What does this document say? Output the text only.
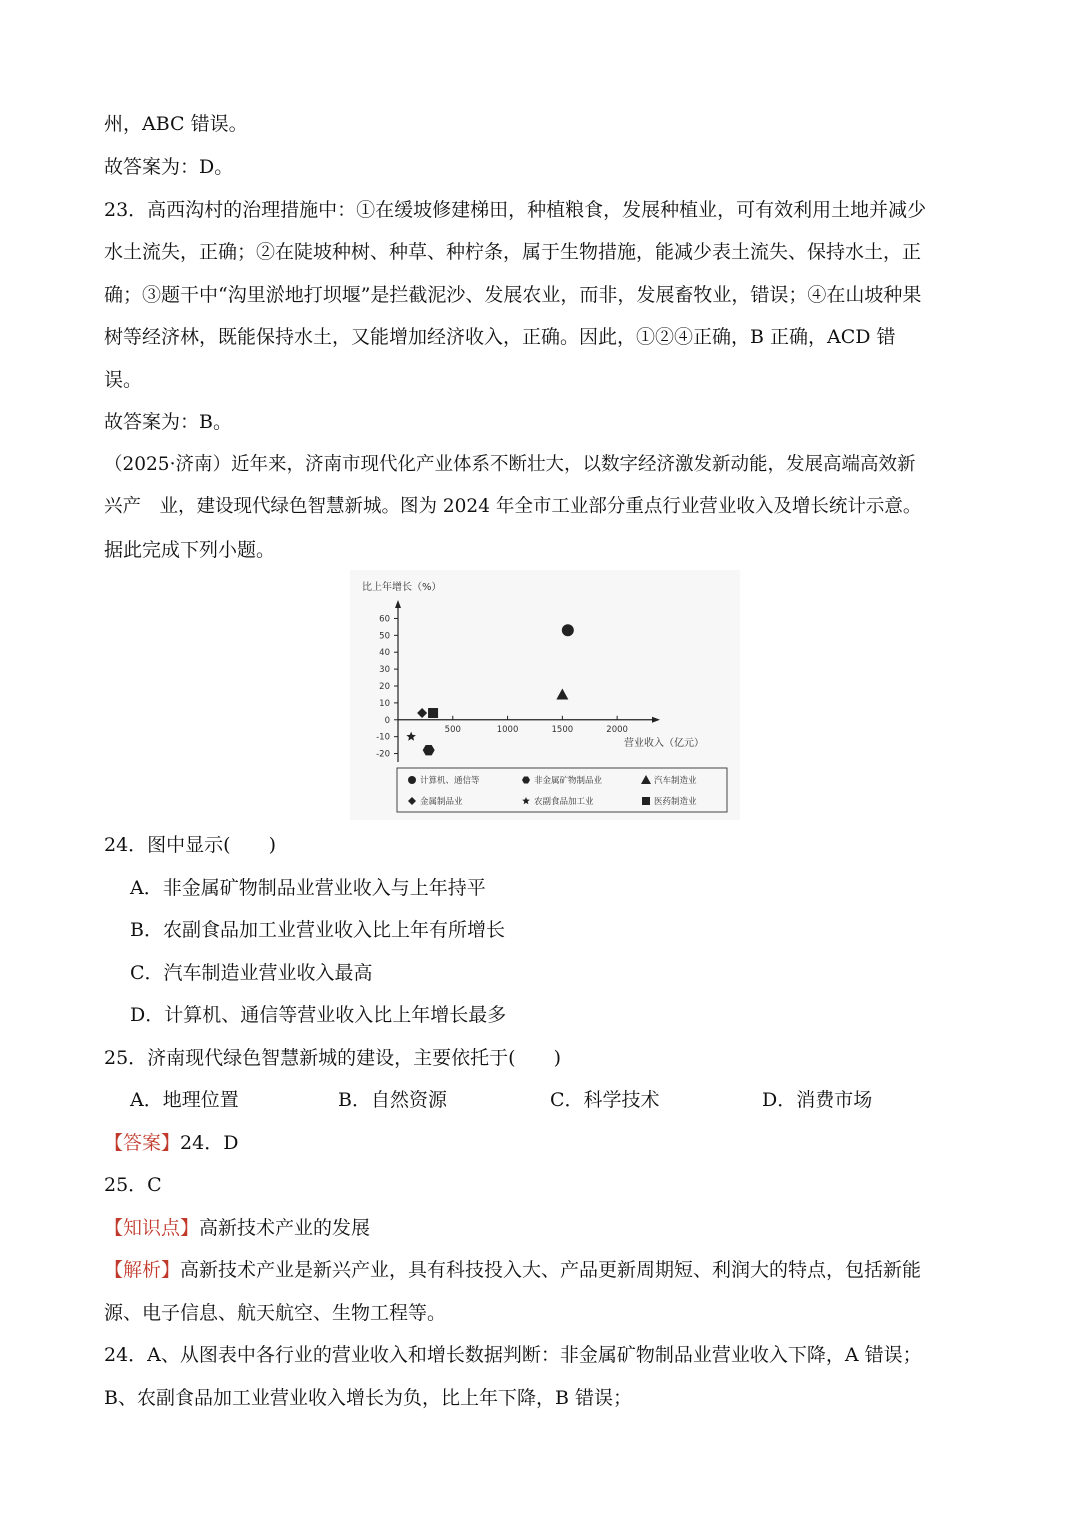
州，ABC 错误。
故答案为：D。
23．高西沟村的治理措施中：①在缓坡修建梯田，种植粮食，发展种植业，可有效利用土地并减少
水土流失，正确；②在陡坡种树、种草、种柠条，属于生物措施，能减少表土流失、保持水土，正
确；③题干中“沟里淤地打坝堰”是拦截泥沙、发展农业，而非，发展畜牧业，错误；④在山坡种果
树等经济林，既能保持水土，又能增加经济收入，正确。因此，①②④正确，B 正确，ACD 错
误。
故答案为：B。
（2025·济南）近年来，济南市现代化产业体系不断壮大，以数字经济激发新动能，发展高端高效新
兴产　业，建设现代绿色智慧新城。图为 2024 年全市工业部分重点行业营业收入及增长统计示意。
据此完成下列小题。
比上年增长（%）
60
50
40
30
20
10
0
-10
-20
500	1000	1500	2000
营业收入（亿元）
计算机、通信等	非金属矿物制品业	汽车制造业
金属制品业	农副食品加工业	医药制造业
24．图中显示(　　)
A．非金属矿物制品业营业收入与上年持平
B．农副食品加工业营业收入比上年有所增长
C．汽车制造业营业收入最高
D．计算机、通信等营业收入比上年增长最多
25．济南现代绿色智慧新城的建设，主要依托于(　　)
A．地理位置	B．自然资源	C．科学技术	D．消费市场
【答案】24．D
25．C
【知识点】高新技术产业的发展
【解析】高新技术产业是新兴产业，具有科技投入大、产品更新周期短、利润大的特点，包括新能
源、电子信息、航天航空、生物工程等。
24．A、从图表中各行业的营业收入和增长数据判断：非金属矿物制品业营业收入下降，A 错误；
B、农副食品加工业营业收入增长为负，比上年下降，B 错误；
